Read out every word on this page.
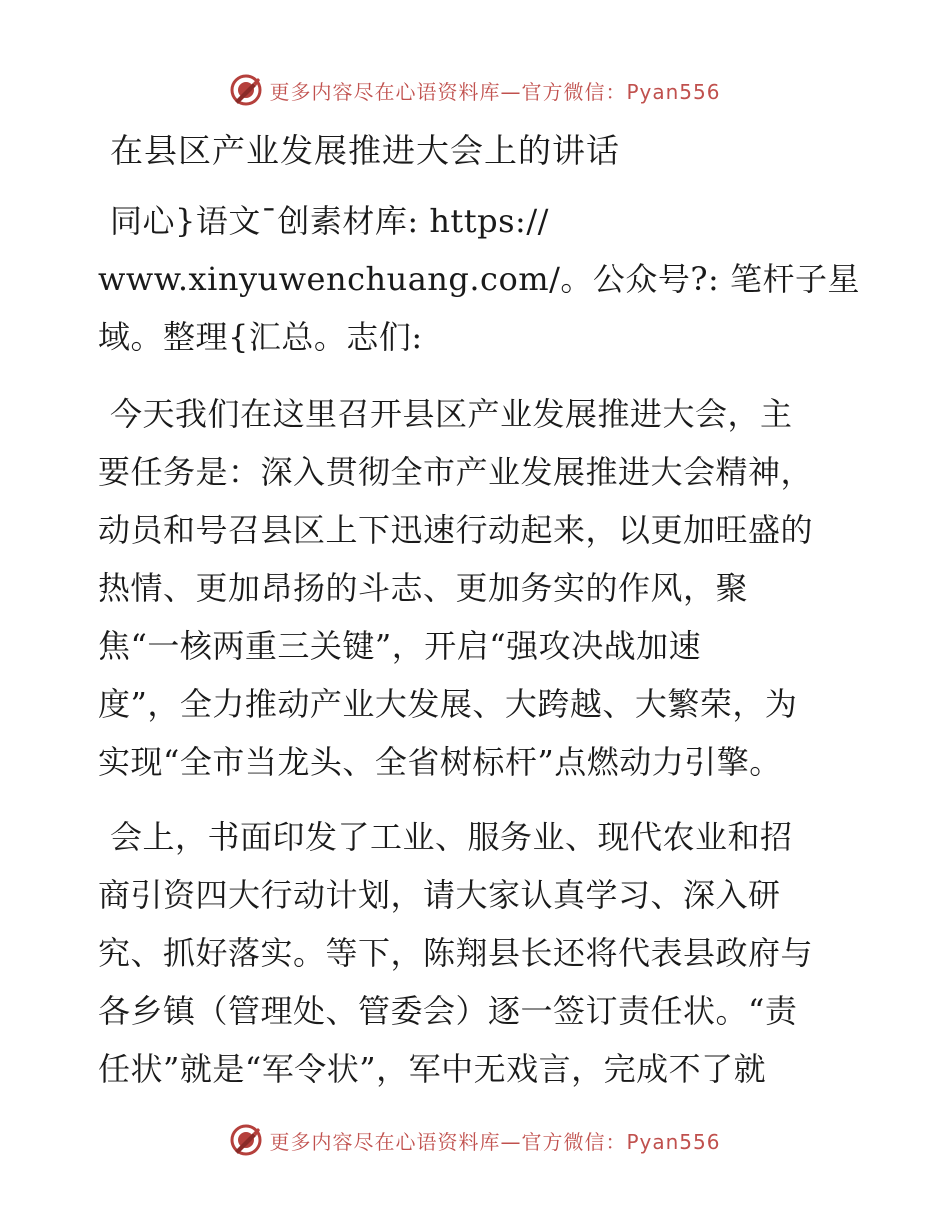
更多内容尽在心语资料库—官方微信：Pyan556
在县区产业发展推进大会上的讲话
同心}语文¯创素材库: https://
www.xinyuwenchuang.com/。公众号?: 笔杆子星
域。整理{汇总。志们:
今天我们在这里召开县区产业发展推进大会，主
要任务是：深入贯彻全市产业发展推进大会精神，
动员和号召县区上下迅速行动起来，以更加旺盛的
热情、更加昂扬的斗志、更加务实的作风，聚
焦“一核两重三关键”，开启“强攻决战加速
度”，全力推动产业大发展、大跨越、大繁荣，为
实现“全市当龙头、全省树标杆”点燃动力引擎。
会上，书面印发了工业、服务业、现代农业和招
商引资四大行动计划，请大家认真学习、深入研
究、抓好落实。等下，陈翔县长还将代表县政府与
各乡镇（管理处、管委会）逐一签订责任状。“责
任状”就是“军令状”，军中无戏言，完成不了就
更多内容尽在心语资料库—官方微信：Pyan556
